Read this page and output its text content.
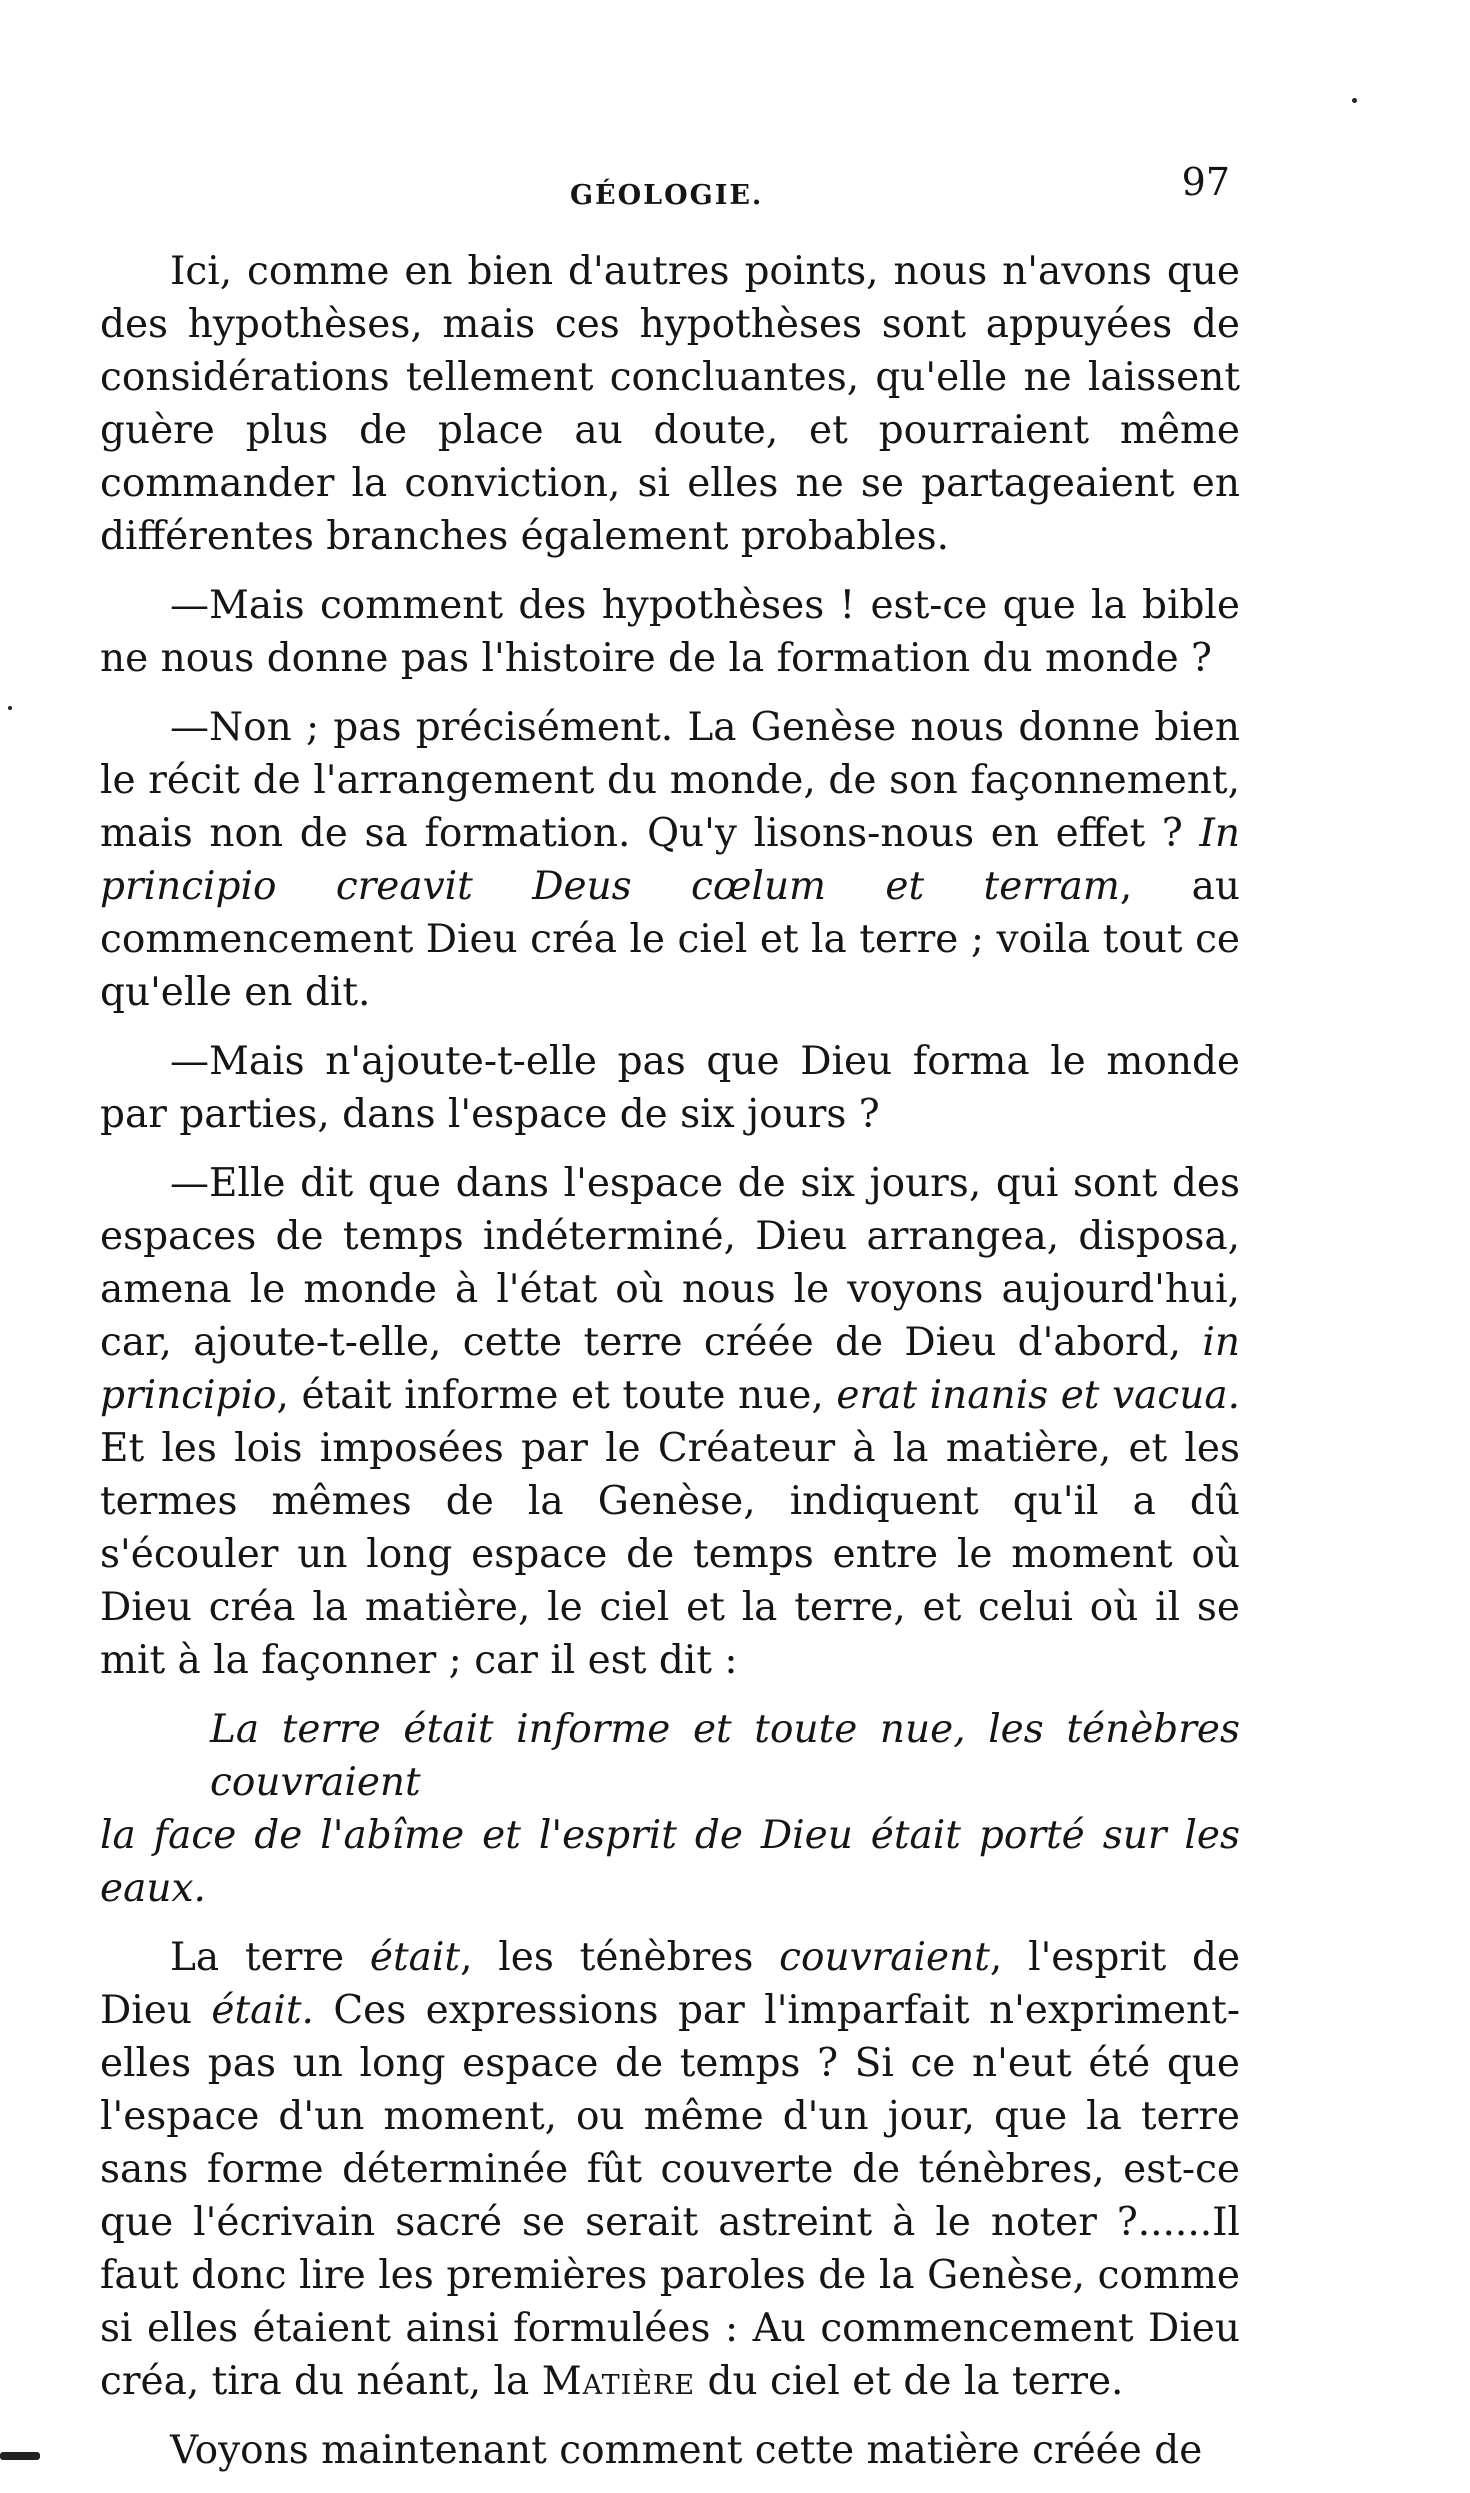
GÉOLOGIE.	97

Ici, comme en bien d'autres points, nous n'avons que des hypothèses, mais ces hypothèses sont appuyées de considérations tellement concluantes, qu'elle ne laissent guère plus de place au doute, et pourraient même commander la conviction, si elles ne se partageaient en différentes branches également probables.

—Mais comment des hypothèses ! est-ce que la bible ne nous donne pas l'histoire de la formation du monde ?

—Non ; pas précisément. La Genèse nous donne bien le récit de l'arrangement du monde, de son façonnement, mais non de sa formation. Qu'y lisons-nous en effet ? In principio creavit Deus cœlum et terram, au commencement Dieu créa le ciel et la terre ; voila tout ce qu'elle en dit.

—Mais n'ajoute-t-elle pas que Dieu forma le monde par parties, dans l'espace de six jours ?

—Elle dit que dans l'espace de six jours, qui sont des espaces de temps indéterminé, Dieu arrangea, disposa, amena le monde à l'état où nous le voyons aujourd'hui, car, ajoute-t-elle, cette terre créée de Dieu d'abord, in principio, était informe et toute nue, erat inanis et vacua. Et les lois imposées par le Créateur à la matière, et les termes mêmes de la Genèse, indiquent qu'il a dû s'écouler un long espace de temps entre le moment où Dieu créa la matière, le ciel et la terre, et celui où il se mit à la façonner ; car il est dit :

La terre était informe et toute nue, les ténèbres couvraient
la face de l'abîme et l'esprit de Dieu était porté sur les eaux.

La terre était, les ténèbres couvraient, l'esprit de Dieu était. Ces expressions par l'imparfait n'expriment-elles pas un long espace de temps ? Si ce n'eut été que l'espace d'un moment, ou même d'un jour, que la terre sans forme déterminée fût couverte de ténèbres, est-ce que l'écrivain sacré se serait astreint à le noter ?......Il faut donc lire les premières paroles de la Genèse, comme si elles étaient ainsi formulées : Au commencement Dieu créa, tira du néant, la Matière du ciel et de la terre.

Voyons maintenant comment cette matière créée de
